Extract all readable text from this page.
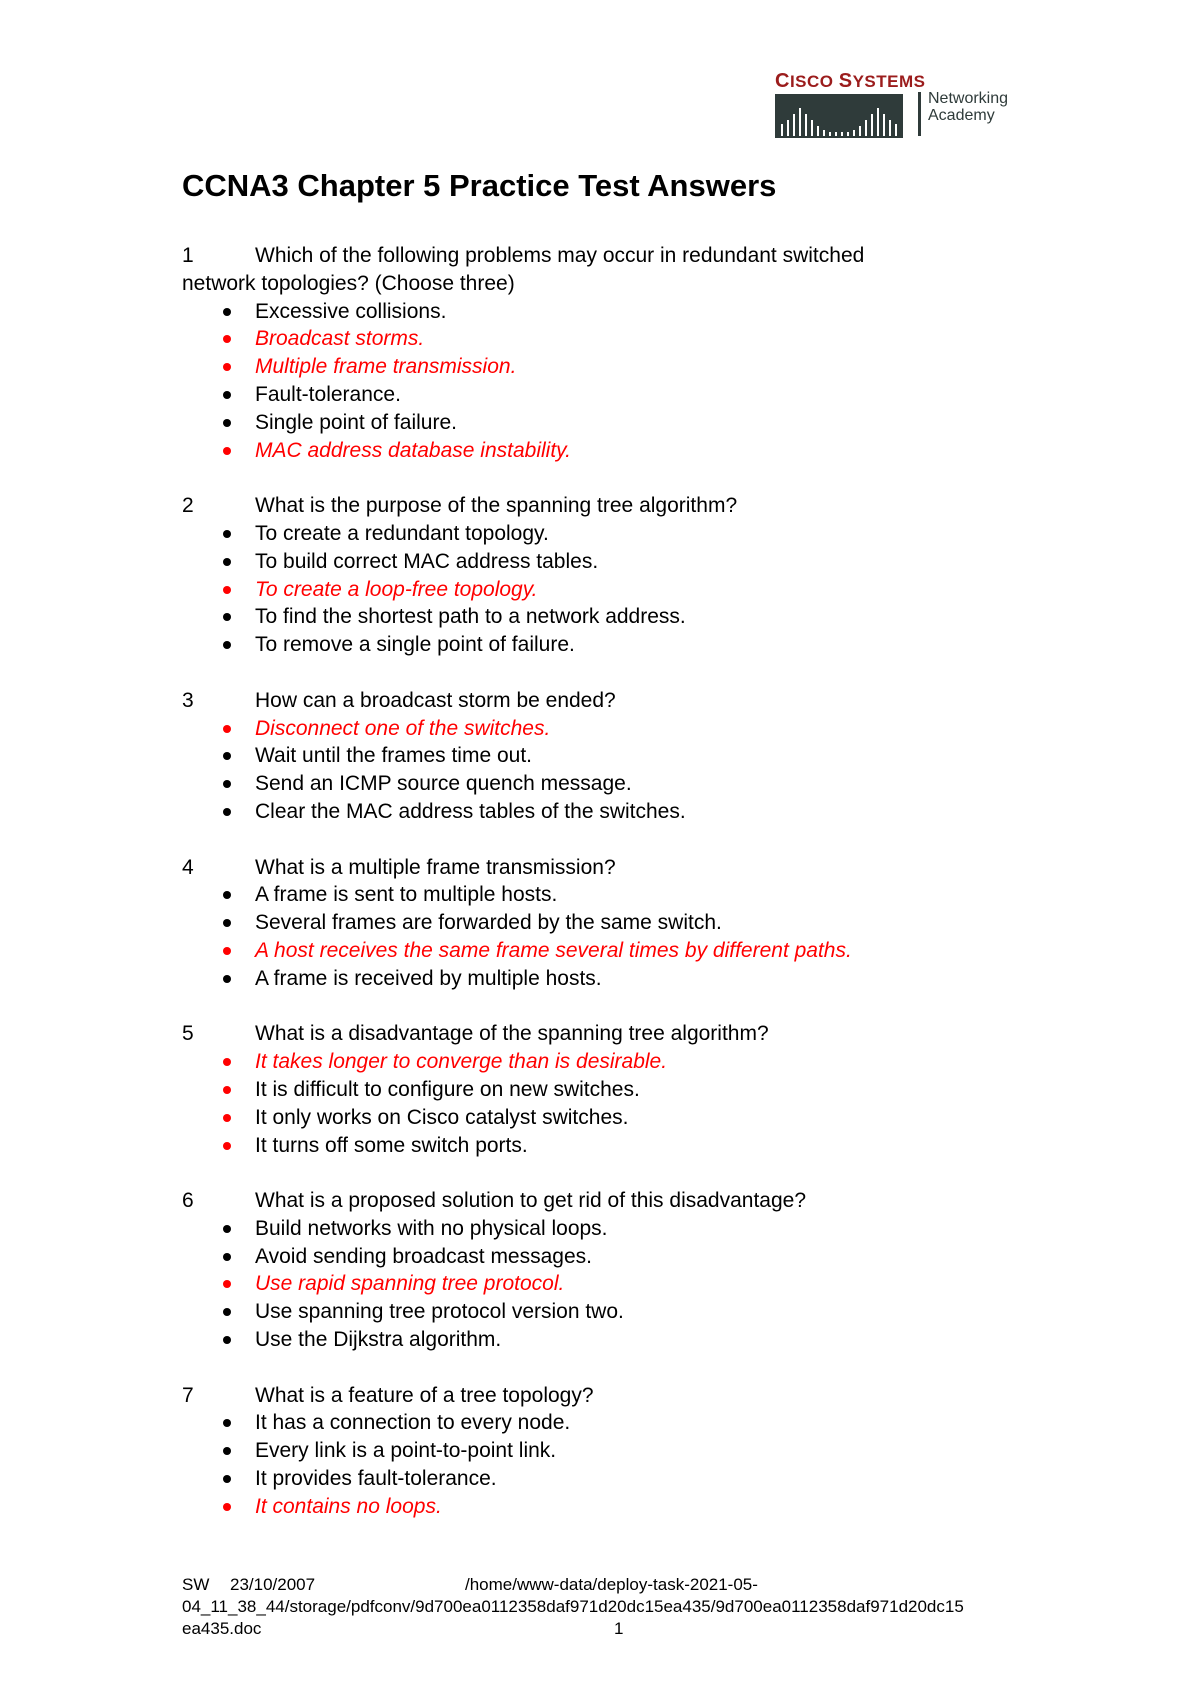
CISCO SYSTEMS
Networking
Academy
CCNA3 Chapter 5 Practice Test Answers
1	Which of the following problems may occur in redundant switched
network topologies? (Choose three)
Excessive collisions.
Broadcast storms.
Multiple frame transmission.
Fault-tolerance.
Single point of failure.
MAC address database instability.
2	What is the purpose of the spanning tree algorithm?
To create a redundant topology.
To build correct MAC address tables.
To create a loop-free topology.
To find the shortest path to a network address.
To remove a single point of failure.
3	How can a broadcast storm be ended?
Disconnect one of the switches.
Wait until the frames time out.
Send an ICMP source quench message.
Clear the MAC address tables of the switches.
4	What is a multiple frame transmission?
A frame is sent to multiple hosts.
Several frames are forwarded by the same switch.
A host receives the same frame several times by different paths.
A frame is received by multiple hosts.
5	What is a disadvantage of the spanning tree algorithm?
It takes longer to converge than is desirable.
It is difficult to configure on new switches.
It only works on Cisco catalyst switches.
It turns off some switch ports.
6	What is a proposed solution to get rid of this disadvantage?
Build networks with no physical loops.
Avoid sending broadcast messages.
Use rapid spanning tree protocol.
Use spanning tree protocol version two.
Use the Dijkstra algorithm.
7	What is a feature of a tree topology?
It has a connection to every node.
Every link is a point-to-point link.
It provides fault-tolerance.
It contains no loops.
SW 23/10/2007	/home/www-data/deploy-task-2021-05-
04_11_38_44/storage/pdfconv/9d700ea0112358daf971d20dc15ea435/9d700ea0112358daf971d20dc15
ea435.doc	1
